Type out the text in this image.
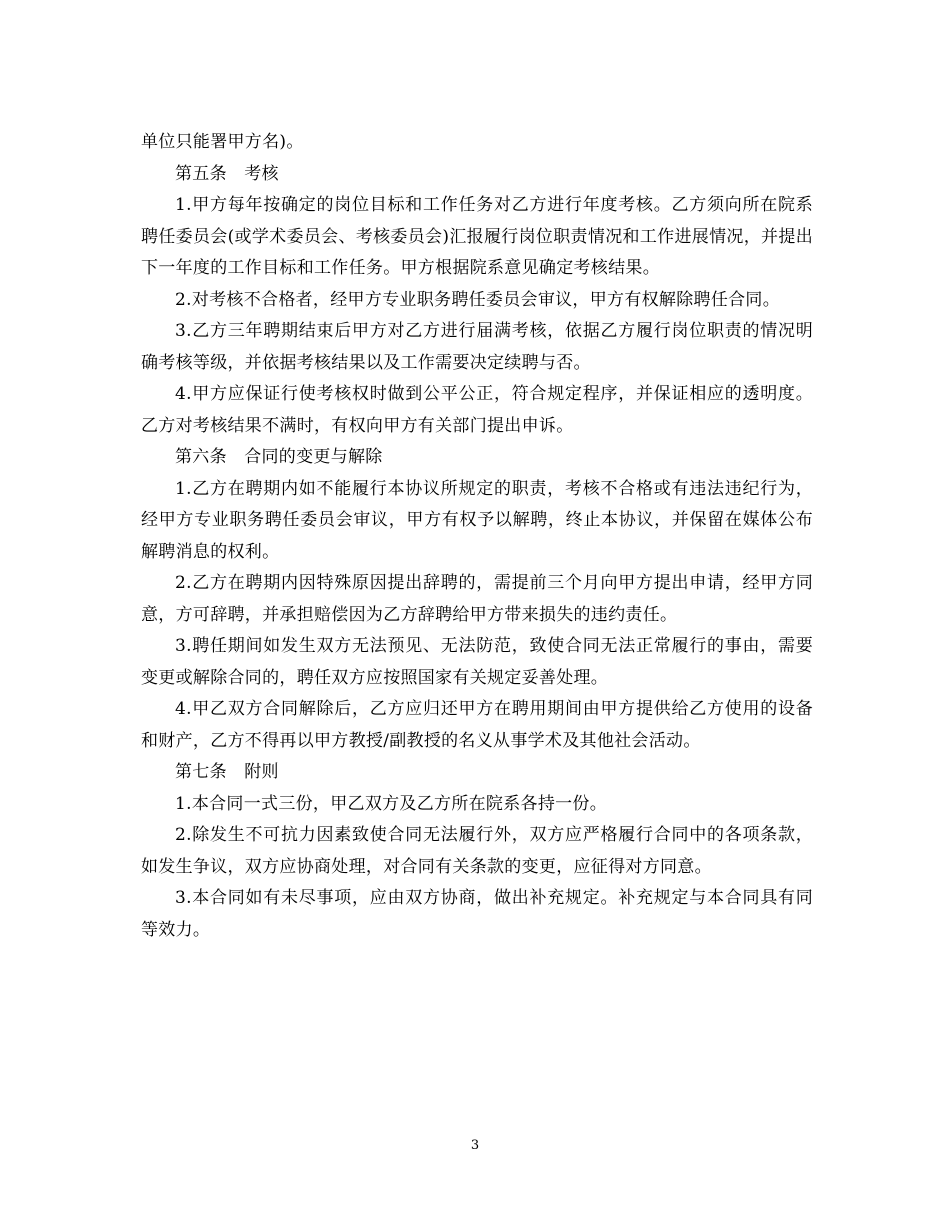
单位只能署甲方名)。

第五条　考核

1.甲方每年按确定的岗位目标和工作任务对乙方进行年度考核。乙方须向所在院系聘任委员会(或学术委员会、考核委员会)汇报履行岗位职责情况和工作进展情况，并提出下一年度的工作目标和工作任务。甲方根据院系意见确定考核结果。

2.对考核不合格者，经甲方专业职务聘任委员会审议，甲方有权解除聘任合同。

3.乙方三年聘期结束后甲方对乙方进行届满考核，依据乙方履行岗位职责的情况明确考核等级，并依据考核结果以及工作需要决定续聘与否。

4.甲方应保证行使考核权时做到公平公正，符合规定程序，并保证相应的透明度。乙方对考核结果不满时，有权向甲方有关部门提出申诉。

第六条　合同的变更与解除

1.乙方在聘期内如不能履行本协议所规定的职责，考核不合格或有违法违纪行为，经甲方专业职务聘任委员会审议，甲方有权予以解聘，终止本协议，并保留在媒体公布解聘消息的权利。

2.乙方在聘期内因特殊原因提出辞聘的，需提前三个月向甲方提出申请，经甲方同意，方可辞聘，并承担赔偿因为乙方辞聘给甲方带来损失的违约责任。

3.聘任期间如发生双方无法预见、无法防范，致使合同无法正常履行的事由，需要变更或解除合同的，聘任双方应按照国家有关规定妥善处理。

4.甲乙双方合同解除后，乙方应归还甲方在聘用期间由甲方提供给乙方使用的设备和财产，乙方不得再以甲方教授/副教授的名义从事学术及其他社会活动。

第七条　附则

1.本合同一式三份，甲乙双方及乙方所在院系各持一份。

2.除发生不可抗力因素致使合同无法履行外，双方应严格履行合同中的各项条款，如发生争议，双方应协商处理，对合同有关条款的变更，应征得对方同意。

3.本合同如有未尽事项，应由双方协商，做出补充规定。补充规定与本合同具有同等效力。

3
